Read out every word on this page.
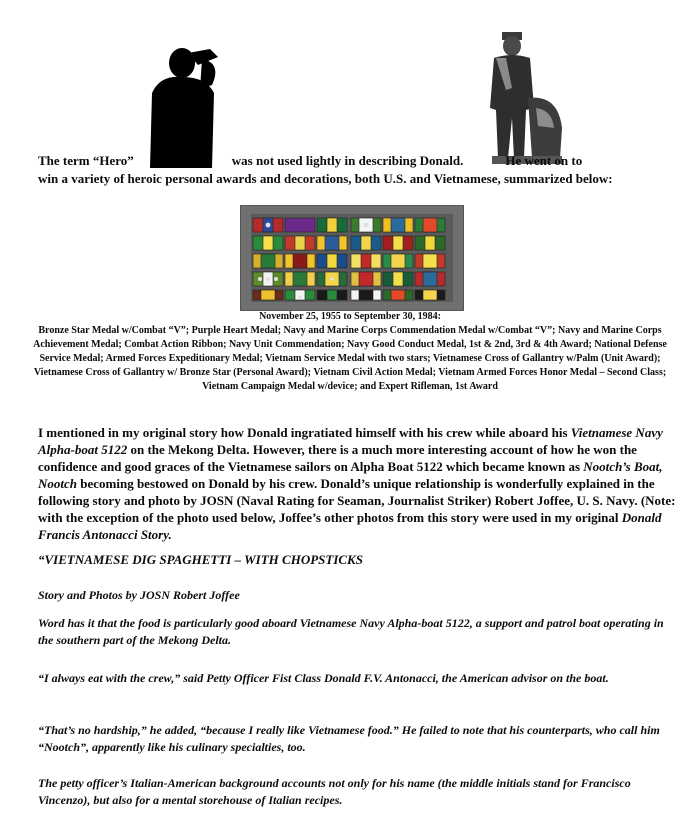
The term “Hero”	was not used lightly in describing Donald.	He went on to

win a variety of heroic personal awards and decorations, both U.S. and Vietnamese, summarized below:

November 25, 1955 to September 30, 1984:

Bronze Star Medal w/Combat “V”; Purple Heart Medal; Navy and Marine Corps Commendation Medal w/Combat “V”; Navy and Marine Corps Achievement Medal; Combat Action Ribbon; Navy Unit Commendation; Navy Good Conduct Medal, 1st & 2nd, 3rd & 4th Award; National Defense Service Medal; Armed Forces Expeditionary Medal; Vietnam Service Medal with two stars; Vietnamese Cross of Gallantry w/Palm (Unit Award); Vietnamese Cross of Gallantry w/ Bronze Star (Personal Award); Vietnam Civil Action Medal; Vietnam Armed Forces Honor Medal – Second Class; Vietnam Campaign Medal w/device; and Expert Rifleman, 1st Award

I mentioned in my original story how Donald ingratiated himself with his crew while aboard his Vietnamese Navy Alpha-boat 5122 on the Mekong Delta. However, there is a much more interesting account of how he won the confidence and good graces of the Vietnamese sailors on Alpha Boat 5122 which became known as Nootch’s Boat, Nootch becoming bestowed on Donald by his crew. Donald’s unique relationship is wonderfully explained in the following story and photo by JOSN (Naval Rating for Seaman, Journalist Striker) Robert Joffee, U. S. Navy. (Note: with the exception of the photo used below, Joffee’s other photos from this story were used in my original Donald Francis Antonacci Story.

“VIETNAMESE DIG SPAGHETTI – WITH CHOPSTICKS
Story and Photos by JOSN Robert Joffee

Word has it that the food is particularly good aboard Vietnamese Navy Alpha-boat 5122, a support and patrol boat operating in the southern part of the Mekong Delta.

“I always eat with the crew,” said Petty Officer Fist Class Donald F.V. Antonacci, the American advisor on the boat.

“That’s no hardship,” he added, “because I really like Vietnamese food.” He failed to note that his counterparts, who call him “Nootch”, apparently like his culinary specialties, too.

The petty officer’s Italian-American background accounts not only for his name (the middle initials stand for Francisco Vincenzo), but also for a mental storehouse of Italian recipes.
